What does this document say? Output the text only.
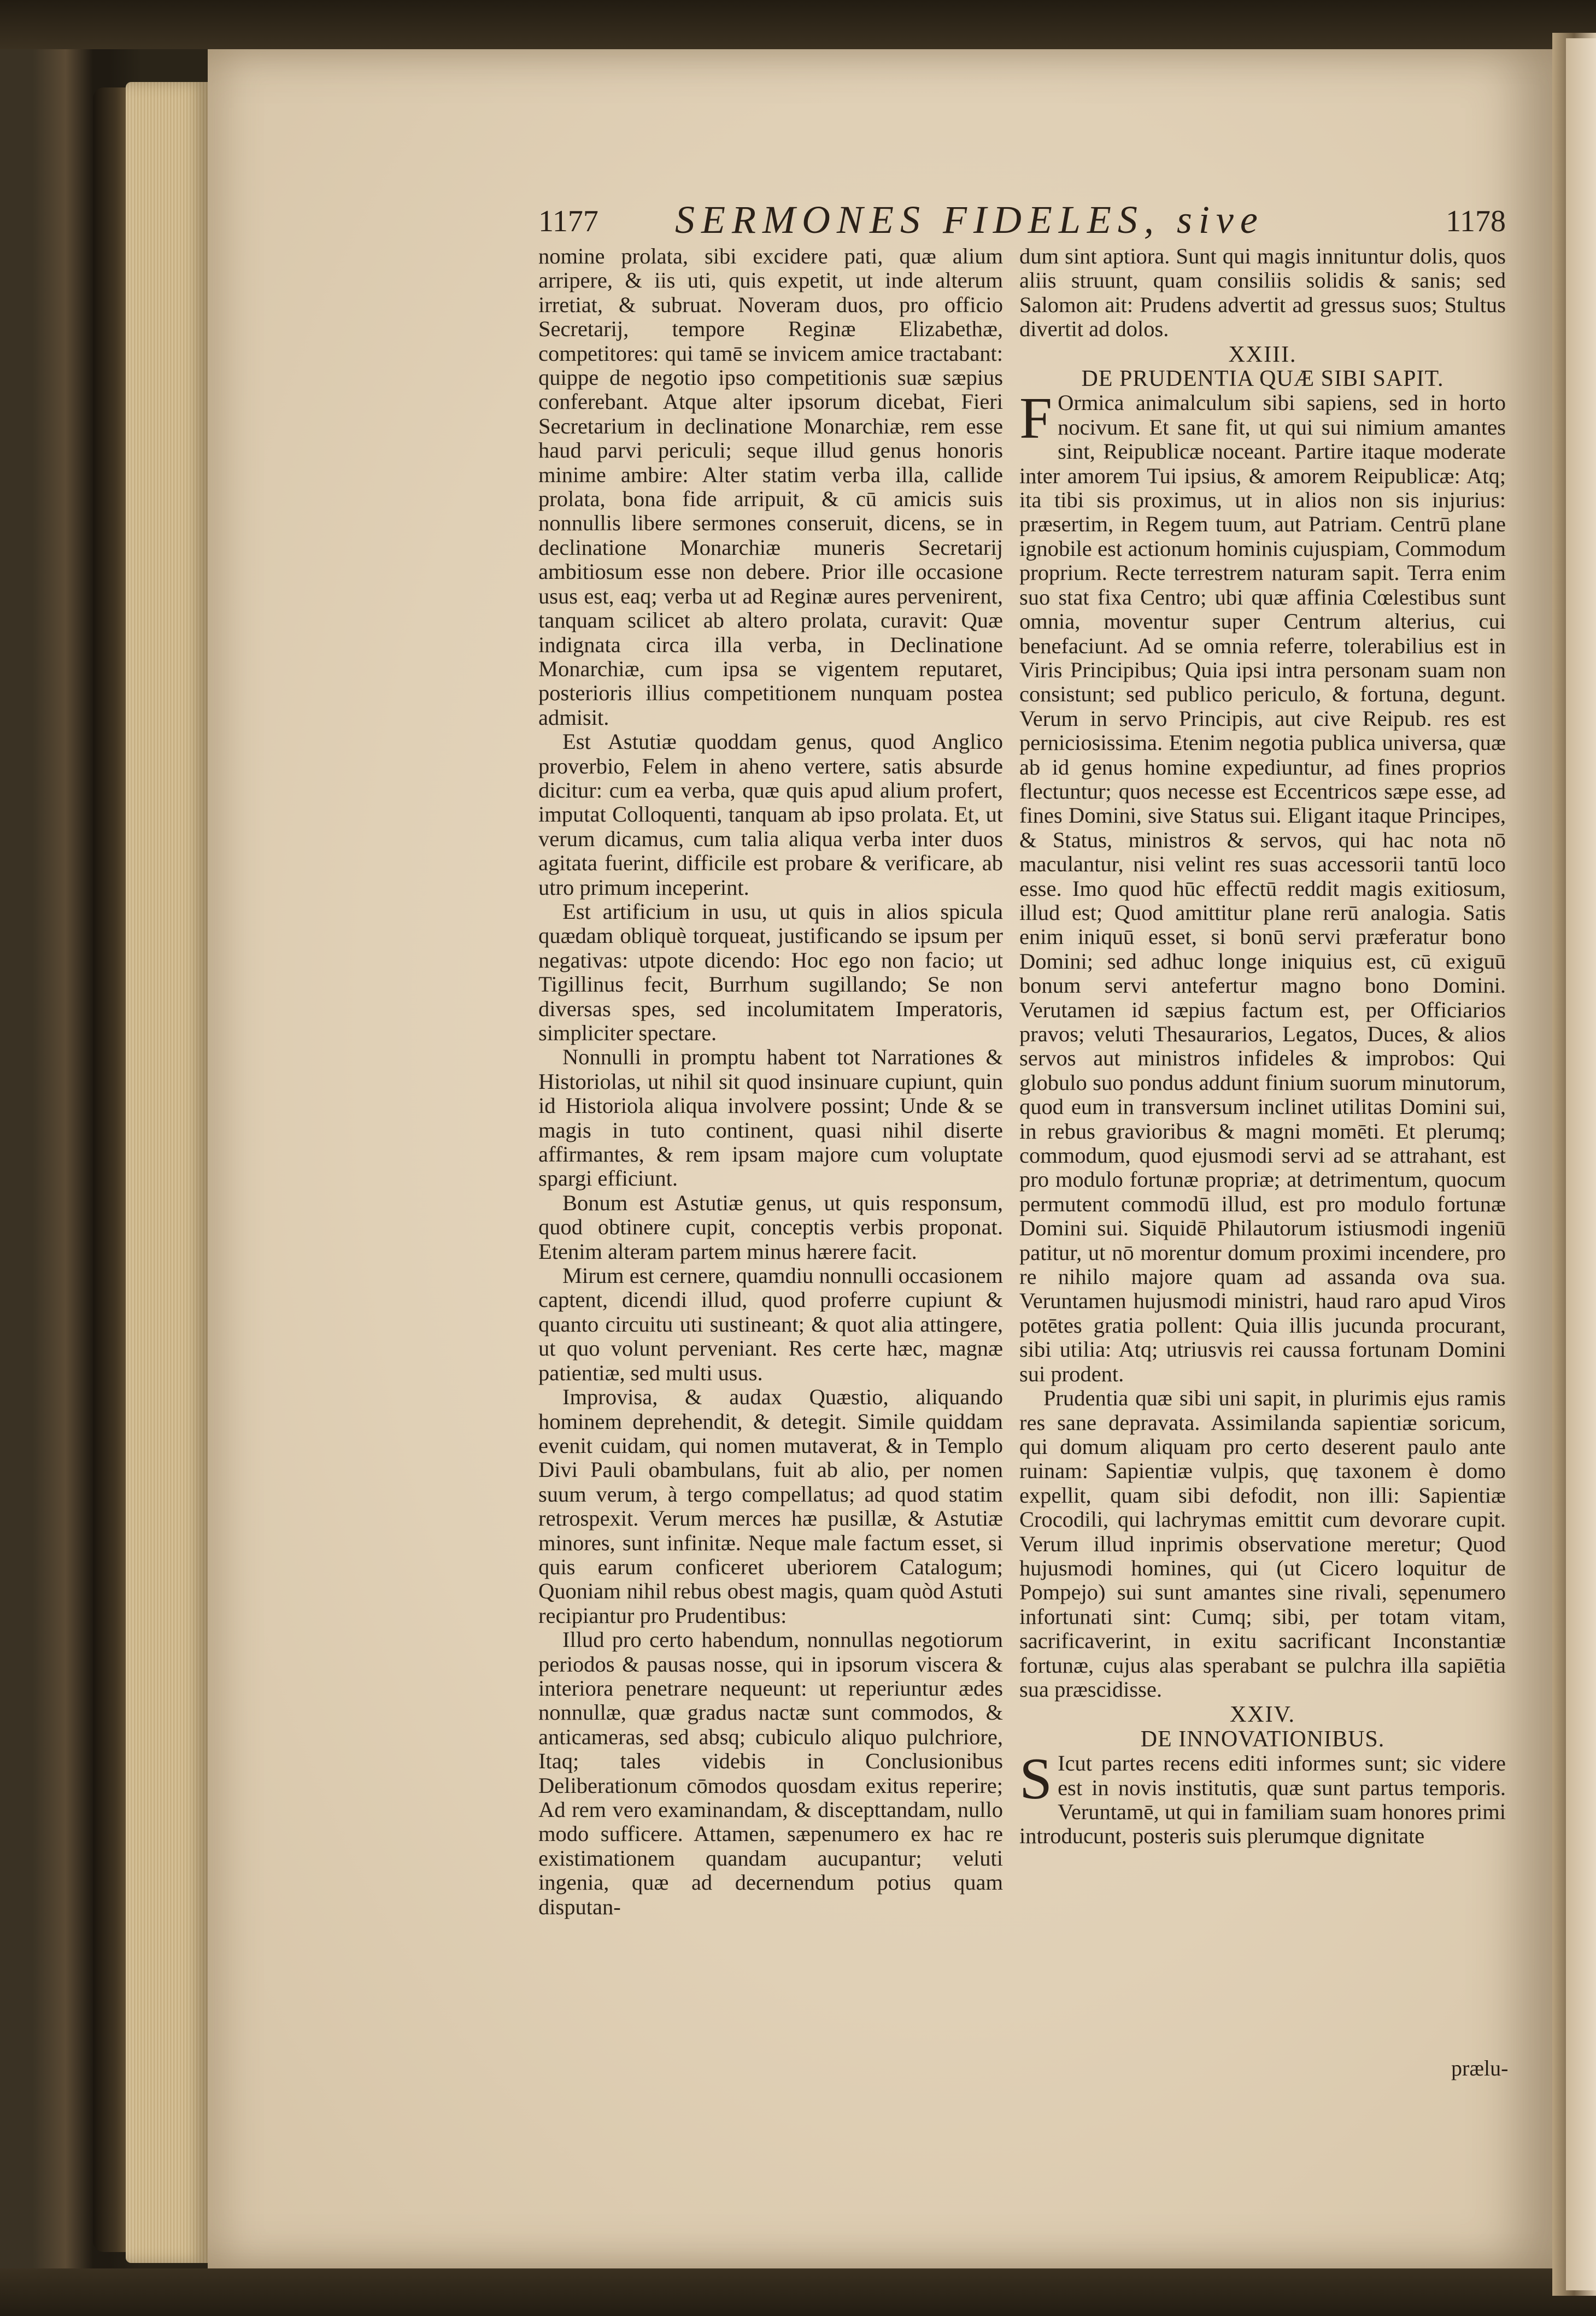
1177 SERMONES FIDELES, sive	1178

nomine prolata, sibi excidere pati, quæ alium arripere, & iis uti, quis expetit, ut inde alterum irretiat, & subruat. Noveram duos, pro officio Secretarij, tempore Reginæ Elizabethæ, competitores: qui tamē se invicem amice tractabant: quippe de negotio ipso competitionis suæ sæpius conferebant. Atque alter ipsorum dicebat, Fieri Secretarium in declinatione Monarchiæ, rem esse haud parvi periculi; seque illud genus honoris minime ambire: Alter statim verba illa, callide prolata, bona fide arripuit, & cū amicis suis nonnullis libere sermones conseruit, dicens, se in declinatione Monarchiæ muneris Secretarij ambitiosum esse non debere. Prior ille occasione usus est, eaq; verba ut ad Reginæ aures pervenirent, tanquam scilicet ab altero prolata, curavit: Quæ indignata circa illa verba, in Declinatione Monarchiæ, cum ipsa se vigentem reputaret, posterioris illius competitionem nunquam postea admisit.

Est Astutiæ quoddam genus, quod Anglico proverbio, Felem in aheno vertere, satis absurde dicitur: cum ea verba, quæ quis apud alium profert, imputat Colloquenti, tanquam ab ipso prolata. Et, ut verum dicamus, cum talia aliqua verba inter duos agitata fuerint, difficile est probare & verificare, ab utro primum inceperint.

Est artificium in usu, ut quis in alios spicula quædam obliquè torqueat, justificando se ipsum per negativas: utpote dicendo: Hoc ego non facio; ut Tigillinus fecit, Burrhum sugillando; Se non diversas spes, sed incolumitatem Imperatoris, simpliciter spectare.

Nonnulli in promptu habent tot Narrationes & Historiolas, ut nihil sit quod insinuare cupiunt, quin id Historiola aliqua involvere possint; Unde & se magis in tuto continent, quasi nihil diserte affirmantes, & rem ipsam majore cum voluptate spargi efficiunt.

Bonum est Astutiæ genus, ut quis responsum, quod obtinere cupit, conceptis verbis proponat. Etenim alteram partem minus hærere facit.

Mirum est cernere, quamdiu nonnulli occasionem captent, dicendi illud, quod proferre cupiunt & quanto circuitu uti sustineant; & quot alia attingere, ut quo volunt perveniant. Res certe hæc, magnæ patientiæ, sed multi usus.

Improvisa, & audax Quæstio, aliquando hominem deprehendit, & detegit. Simile quiddam evenit cuidam, qui nomen mutaverat, & in Templo Divi Pauli obambulans, fuit ab alio, per nomen suum verum, à tergo compellatus; ad quod statim retrospexit. Verum merces hæ pusillæ, & Astutiæ minores, sunt infinitæ. Neque male factum esset, si quis earum conficeret uberiorem Catalogum; Quoniam nihil rebus obest magis, quam quòd Astuti recipiantur pro Prudentibus:

Illud pro certo habendum, nonnullas negotiorum periodos & pausas nosse, qui in ipsorum viscera & interiora penetrare nequeunt: ut reperiuntur ædes nonnullæ, quæ gradus nactæ sunt commodos, & anticameras, sed absq; cubiculo aliquo pulchriore, Itaq; tales videbis in Conclusionibus Deliberationum cōmodos quosdam exitus reperire; Ad rem vero examinandam, & discepttandam, nullo modo sufficere. Attamen, sæpenumero ex hac re existimationem quandam aucupantur; veluti ingenia, quæ ad decernendum potius quam disputan-

dum sint aptiora. Sunt qui magis innituntur dolis, quos aliis struunt, quam consiliis solidis & sanis; sed Salomon ait: Prudens advertit ad gressus suos; Stultus divertit ad dolos.

XXIII.
DE PRUDENTIA QUÆ SIBI SAPIT.

F Ormica animalculum sibi sapiens, sed in horto nocivum. Et sane fit, ut qui sui nimium amantes sint, Reipublicæ noceant. Partire itaque moderate inter amorem Tui ipsius, & amorem Reipublicæ: Atq; ita tibi sis proximus, ut in alios non sis injurius: præsertim, in Regem tuum, aut Patriam. Centrū plane ignobile est actionum hominis cujuspiam, Commodum proprium. Recte terrestrem naturam sapit. Terra enim suo stat fixa Centro; ubi quæ affinia Cœlestibus sunt omnia, moventur super Centrum alterius, cui benefaciunt. Ad se omnia referre, tolerabilius est in Viris Principibus; Quia ipsi intra personam suam non consistunt; sed publico periculo, & fortuna, degunt. Verum in servo Principis, aut cive Reipub. res est perniciosissima. Etenim negotia publica universa, quæ ab id genus homine expediuntur, ad fines proprios flectuntur; quos necesse est Eccentricos sæpe esse, ad fines Domini, sive Status sui. Eligant itaque Principes, & Status, ministros & servos, qui hac nota nō maculantur, nisi velint res suas accessorii tantū loco esse. Imo quod hūc effectū reddit magis exitiosum, illud est; Quod amittitur plane rerū analogia. Satis enim iniquū esset, si bonū servi præferatur bono Domini; sed adhuc longe iniquius est, cū exiguū bonum servi antefertur magno bono Domini. Verutamen id sæpius factum est, per Officiarios pravos; veluti Thesaurarios, Legatos, Duces, & alios servos aut ministros infideles & improbos: Qui globulo suo pondus addunt finium suorum minutorum, quod eum in transversum inclinet utilitas Domini sui, in rebus gravioribus & magni momēti. Et plerumq; commodum, quod ejusmodi servi ad se attrahant, est pro modulo fortunæ propriæ; at detrimentum, quocum permutent commodū illud, est pro modulo fortunæ Domini sui. Siquidē Philautorum istiusmodi ingeniū patitur, ut nō morentur domum proximi incendere, pro re nihilo majore quam ad assanda ova sua. Veruntamen hujusmodi ministri, haud raro apud Viros potētes gratia pollent: Quia illis jucunda procurant, sibi utilia: Atq; utriusvis rei caussa fortunam Domini sui prodent.

Prudentia quæ sibi uni sapit, in plurimis ejus ramis res sane depravata. Assimilanda sapientiæ soricum, qui domum aliquam pro certo deserent paulo ante ruinam: Sapientiæ vulpis, quę taxonem è domo expellit, quam sibi defodit, non illi: Sapientiæ Crocodili, qui lachrymas emittit cum devorare cupit. Verum illud inprimis observatione meretur; Quod hujusmodi homines, qui (ut Cicero loquitur de Pompejo) sui sunt amantes sine rivali, sępenumero infortunati sint: Cumq; sibi, per totam vitam, sacrificaverint, in exitu sacrificant Inconstantiæ fortunæ, cujus alas sperabant se pulchra illa sapiētia sua præscidisse.

XXIV.
DE INNOVATIONIBUS.

S Icut partes recens editi informes sunt; sic videre est in novis institutis, quæ sunt partus temporis. Veruntamē, ut qui in familiam suam honores primi introducunt, posteris suis plerumque dignitate

prælu-
